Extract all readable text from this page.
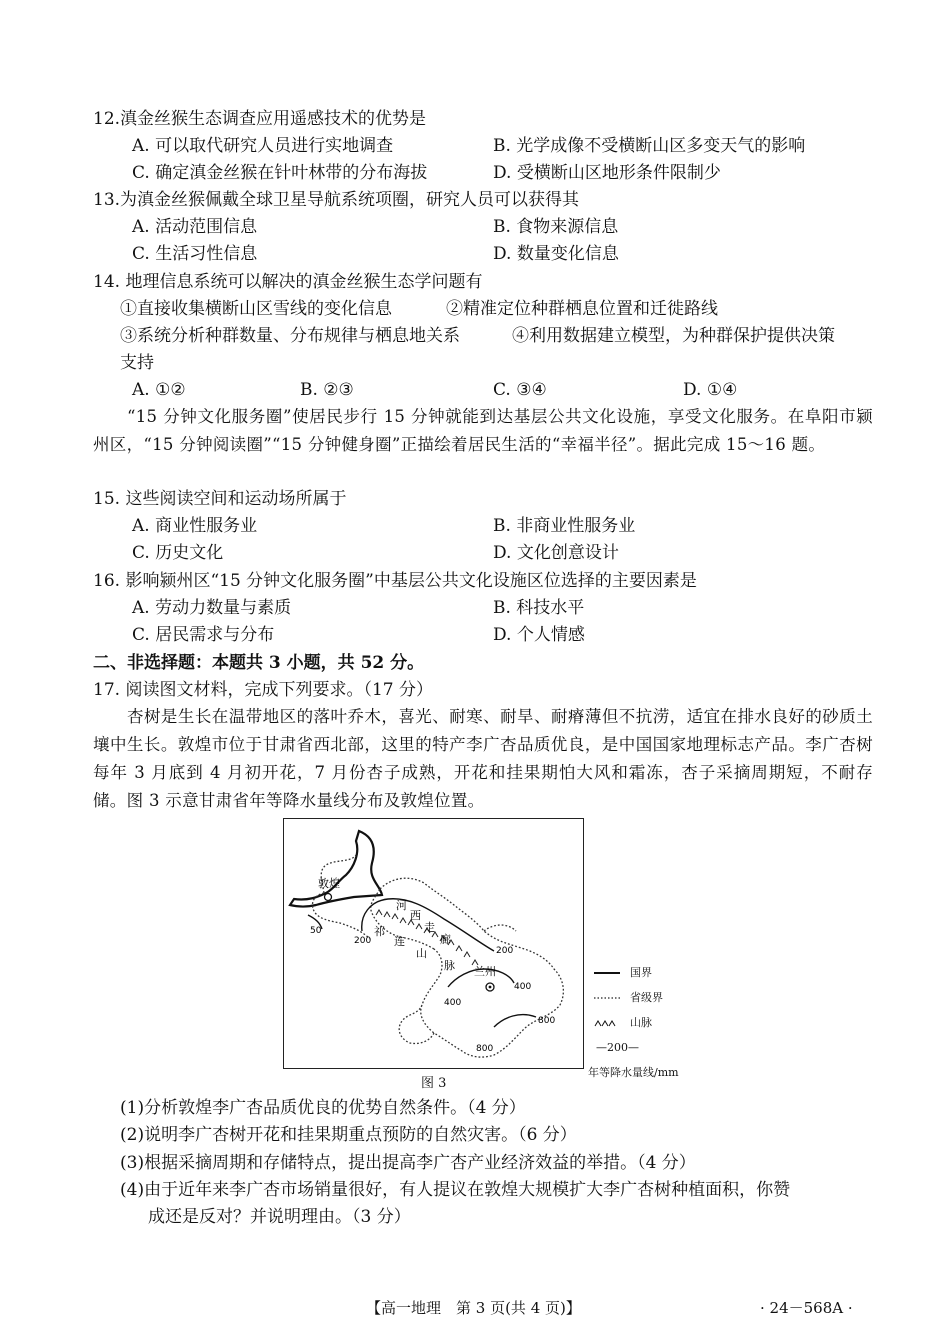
12.滇金丝猴生态调查应用遥感技术的优势是
A. 可以取代研究人员进行实地调查	B. 光学成像不受横断山区多变天气的影响
C. 确定滇金丝猴在针叶林带的分布海拔	D. 受横断山区地形条件限制少
13.为滇金丝猴佩戴全球卫星导航系统项圈，研究人员可以获得其
A. 活动范围信息	B. 食物来源信息
C. 生活习性信息	D. 数量变化信息
14. 地理信息系统可以解决的滇金丝猴生态学问题有
①直接收集横断山区雪线的变化信息	②精准定位种群栖息位置和迁徙路线
③系统分析种群数量、分布规律与栖息地关系	④利用数据建立模型，为种群保护提供决策
支持
A. ①②	B. ②③	C. ③④	D. ①④
“15 分钟文化服务圈”使居民步行 15 分钟就能到达基层公共文化设施，享受文化服务。在阜阳市颍州区，“15 分钟阅读圈”“15 分钟健身圈”正描绘着居民生活的“幸福半径”。据此完成 15～16 题。
15. 这些阅读空间和运动场所属于
A. 商业性服务业	B. 非商业性服务业
C. 历史文化	D. 文化创意设计
16. 影响颍州区“15 分钟文化服务圈”中基层公共文化设施区位选择的主要因素是
A. 劳动力数量与素质	B. 科技水平
C. 居民需求与分布	D. 个人情感
二、非选择题：本题共 3 小题，共 52 分。
17. 阅读图文材料，完成下列要求。（17 分）
杏树是生长在温带地区的落叶乔木，喜光、耐寒、耐旱、耐瘠薄但不抗涝，适宜在排水良好的砂质土壤中生长。敦煌市位于甘肃省西北部，这里的特产李广杏品质优良，是中国国家地理标志产品。李广杏树每年 3 月底到 4 月初开花，7 月份杏子成熟，开花和挂果期怕大风和霜冻，杏子采摘周期短，不耐存储。图 3 示意甘肃省年等降水量线分布及敦煌位置。
敦煌
兰州
河
西
走
廊
祁
连
山
脉
50
200
200
400
400
800
800
国界
省级界
山脉
—200—
年等降水量线/mm
图 3
(1)分析敦煌李广杏品质优良的优势自然条件。（4 分）
(2)说明李广杏树开花和挂果期重点预防的自然灾害。（6 分）
(3)根据采摘周期和存储特点，提出提高李广杏产业经济效益的举措。（4 分）
(4)由于近年来李广杏市场销量很好，有人提议在敦煌大规模扩大李广杏树种植面积，你赞
成还是反对？并说明理由。（3 分）
【高一地理　第 3 页(共 4 页)】	· 24－568A ·
